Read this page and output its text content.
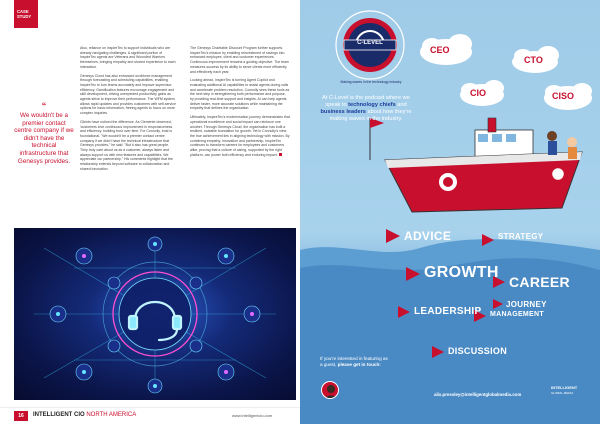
CASE STUDY
“
We wouldn't be a premier contact centre company if we didn't have the technical infrastructure that Genesys provides.

Also, reliance on InspireTec to support individuals who are already navigating challenges. A significant portion of InspireTec agents are Veterans and Wounded Warriors themselves, bringing empathy and shared experience to each interaction.

Genesys Cloud has also enhanced workforce management through forecasting and scheduling capabilities, enabling InspireTec to turn teams accurately and improve supervisor efficiency. Gamification features encourage engagement and skill development, driving unexpected productivity gains as agents strive to improve their performance. The WFM system allows rapid updates and provides customers with self-service options for basic information, freeing agents to focus on more complex inquiries.

Clients have noticed the difference. As Clemente observed, 'customers love continuous improvement in responsiveness and efficiency, building trust over time. For Connolly, trust is foundational. "We wouldn't be a premier contact centre company if we didn't have the technical infrastructure that Genesys provides," he said. "But it also has great people. They truly care about us as a customer, always listen and always support us with new features and capabilities. We appreciate our partnership." His comments highlight that the relationship extends beyond software to collaboration and shared innovation.

The Genesys Charitable Discount Program further supports InspireTec's mission by enabling reinvestment of savings into enhanced employee, client and customer experiences. Continuous improvement remains a guiding objective. The team measures success by its ability to serve clients more efficiently and effectively each year.

Looking ahead, InspireTec is turning Agent Copilot and evaluating additional AI capabilities to assist agents during calls and accelerate problem resolution. Connolly sees these tools as the next step in strengthening both performance and purpose, by providing real-time support and insights. AI can help agents deliver faster, more accurate solutions while maintaining the empathy that defines the organisation.

Ultimately, InspireTec's modernisation journey demonstrates that operational excellence and social impact can reinforce one another. Through Genesys Cloud, the organisation has built a resilient, scalable foundation for growth. Yet in Connolly's view, the true achievement lies in aligning technology with mission. By combining empathy, innovation and partnership, InspireTec continues to transform careers for employees and customers alike, proving that a culture of caring, supported by the right platform, can power both efficiency and enduring impact.

16	INTELLIGENT CIO NORTH AMERICA	www.intelligentcio.com
At C-Level is the podcast where we speak to technology chiefs and business leaders about how they're making waves in the industry.
C-LEVEL
Making waves in the technology industry
CEO
CTO
CIO	CISO
ADVICE	STRATEGY
GROWTH
CAREER
JOURNEY
LEADERSHIP MANAGEMENT
DISCUSSION
If you're interested in featuring as
a guest, please get in touch:
alix.pressley@intelligentglobalmedia.com
INTELLIGENT
GLOBAL MEDIA
